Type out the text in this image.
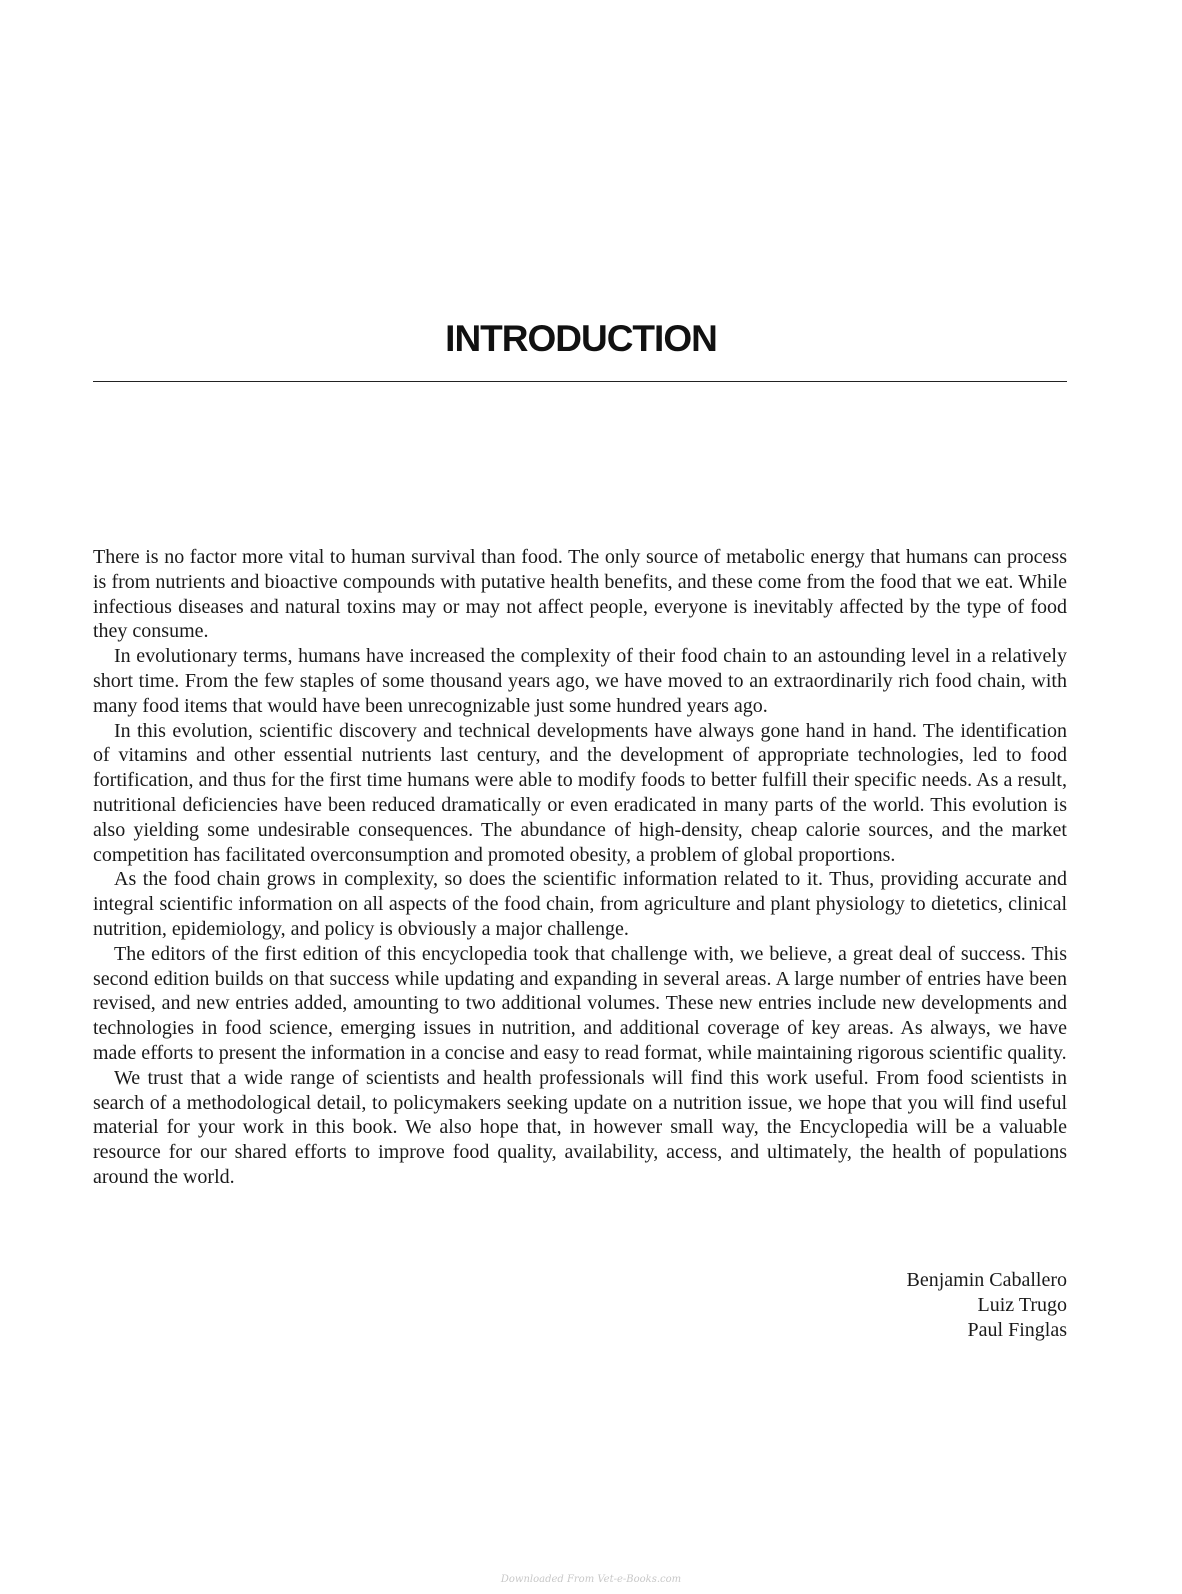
INTRODUCTION

There is no factor more vital to human survival than food. The only source of metabolic energy that humans can process is from nutrients and bioactive compounds with putative health benefits, and these come from the food that we eat. While infectious diseases and natural toxins may or may not affect people, everyone is inevitably affected by the type of food they consume.

In evolutionary terms, humans have increased the complexity of their food chain to an astounding level in a relatively short time. From the few staples of some thousand years ago, we have moved to an extraordinarily rich food chain, with many food items that would have been unrecognizable just some hundred years ago.

In this evolution, scientific discovery and technical developments have always gone hand in hand. The identification of vitamins and other essential nutrients last century, and the development of appropriate technologies, led to food fortification, and thus for the first time humans were able to modify foods to better fulfill their specific needs. As a result, nutritional deficiencies have been reduced dramatically or even eradicated in many parts of the world. This evolution is also yielding some undesirable consequences. The abundance of high-density, cheap calorie sources, and the market competition has facilitated overconsumption and promoted obesity, a problem of global proportions.

As the food chain grows in complexity, so does the scientific information related to it. Thus, providing accurate and integral scientific information on all aspects of the food chain, from agriculture and plant physiology to dietetics, clinical nutrition, epidemiology, and policy is obviously a major challenge.

The editors of the first edition of this encyclopedia took that challenge with, we believe, a great deal of success. This second edition builds on that success while updating and expanding in several areas. A large number of entries have been revised, and new entries added, amounting to two additional volumes. These new entries include new developments and technologies in food science, emerging issues in nutrition, and additional coverage of key areas. As always, we have made efforts to present the information in a concise and easy to read format, while maintaining rigorous scientific quality.

We trust that a wide range of scientists and health professionals will find this work useful. From food scientists in search of a methodological detail, to policymakers seeking update on a nutrition issue, we hope that you will find useful material for your work in this book. We also hope that, in however small way, the Encyclopedia will be a valuable resource for our shared efforts to improve food quality, availability, access, and ultimately, the health of populations around the world.

Benjamin Caballero
Luiz Trugo
Paul Finglas
Downloaded From Vet-e-Books.com
